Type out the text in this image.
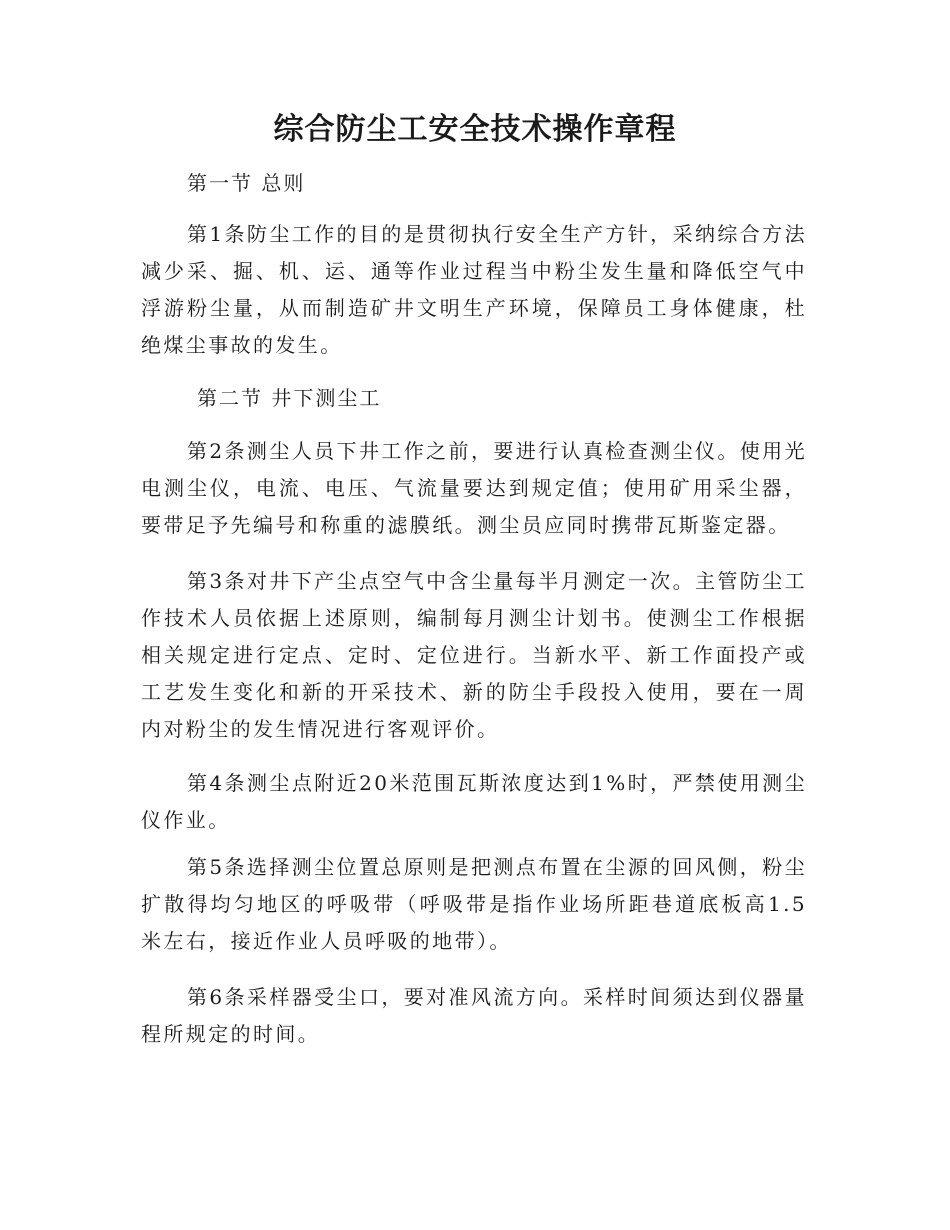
综合防尘工安全技术操作章程
第一节 总则

第1条防尘工作的目的是贯彻执行安全生产方针，采纳综合方法减少采、掘、机、运、通等作业过程当中粉尘发生量和降低空气中浮游粉尘量，从而制造矿井文明生产环境，保障员工身体健康，杜绝煤尘事故的发生。

第二节 井下测尘工

第2条测尘人员下井工作之前，要进行认真检查测尘仪。使用光电测尘仪，电流、电压、气流量要达到规定值；使用矿用采尘器，要带足予先编号和称重的滤膜纸。测尘员应同时携带瓦斯鉴定器。

第3条对井下产尘点空气中含尘量每半月测定一次。主管防尘工作技术人员依据上述原则，编制每月测尘计划书。使测尘工作根据相关规定进行定点、定时、定位进行。当新水平、新工作面投产或工艺发生变化和新的开采技术、新的防尘手段投入使用，要在一周内对粉尘的发生情况进行客观评价。

第4条测尘点附近20米范围瓦斯浓度达到1%时，严禁使用测尘仪作业。

第5条选择测尘位置总原则是把测点布置在尘源的回风侧，粉尘扩散得均匀地区的呼吸带（呼吸带是指作业场所距巷道底板高1.5米左右，接近作业人员呼吸的地带）。

第6条采样器受尘口，要对准风流方向。采样时间须达到仪器量程所规定的时间。
